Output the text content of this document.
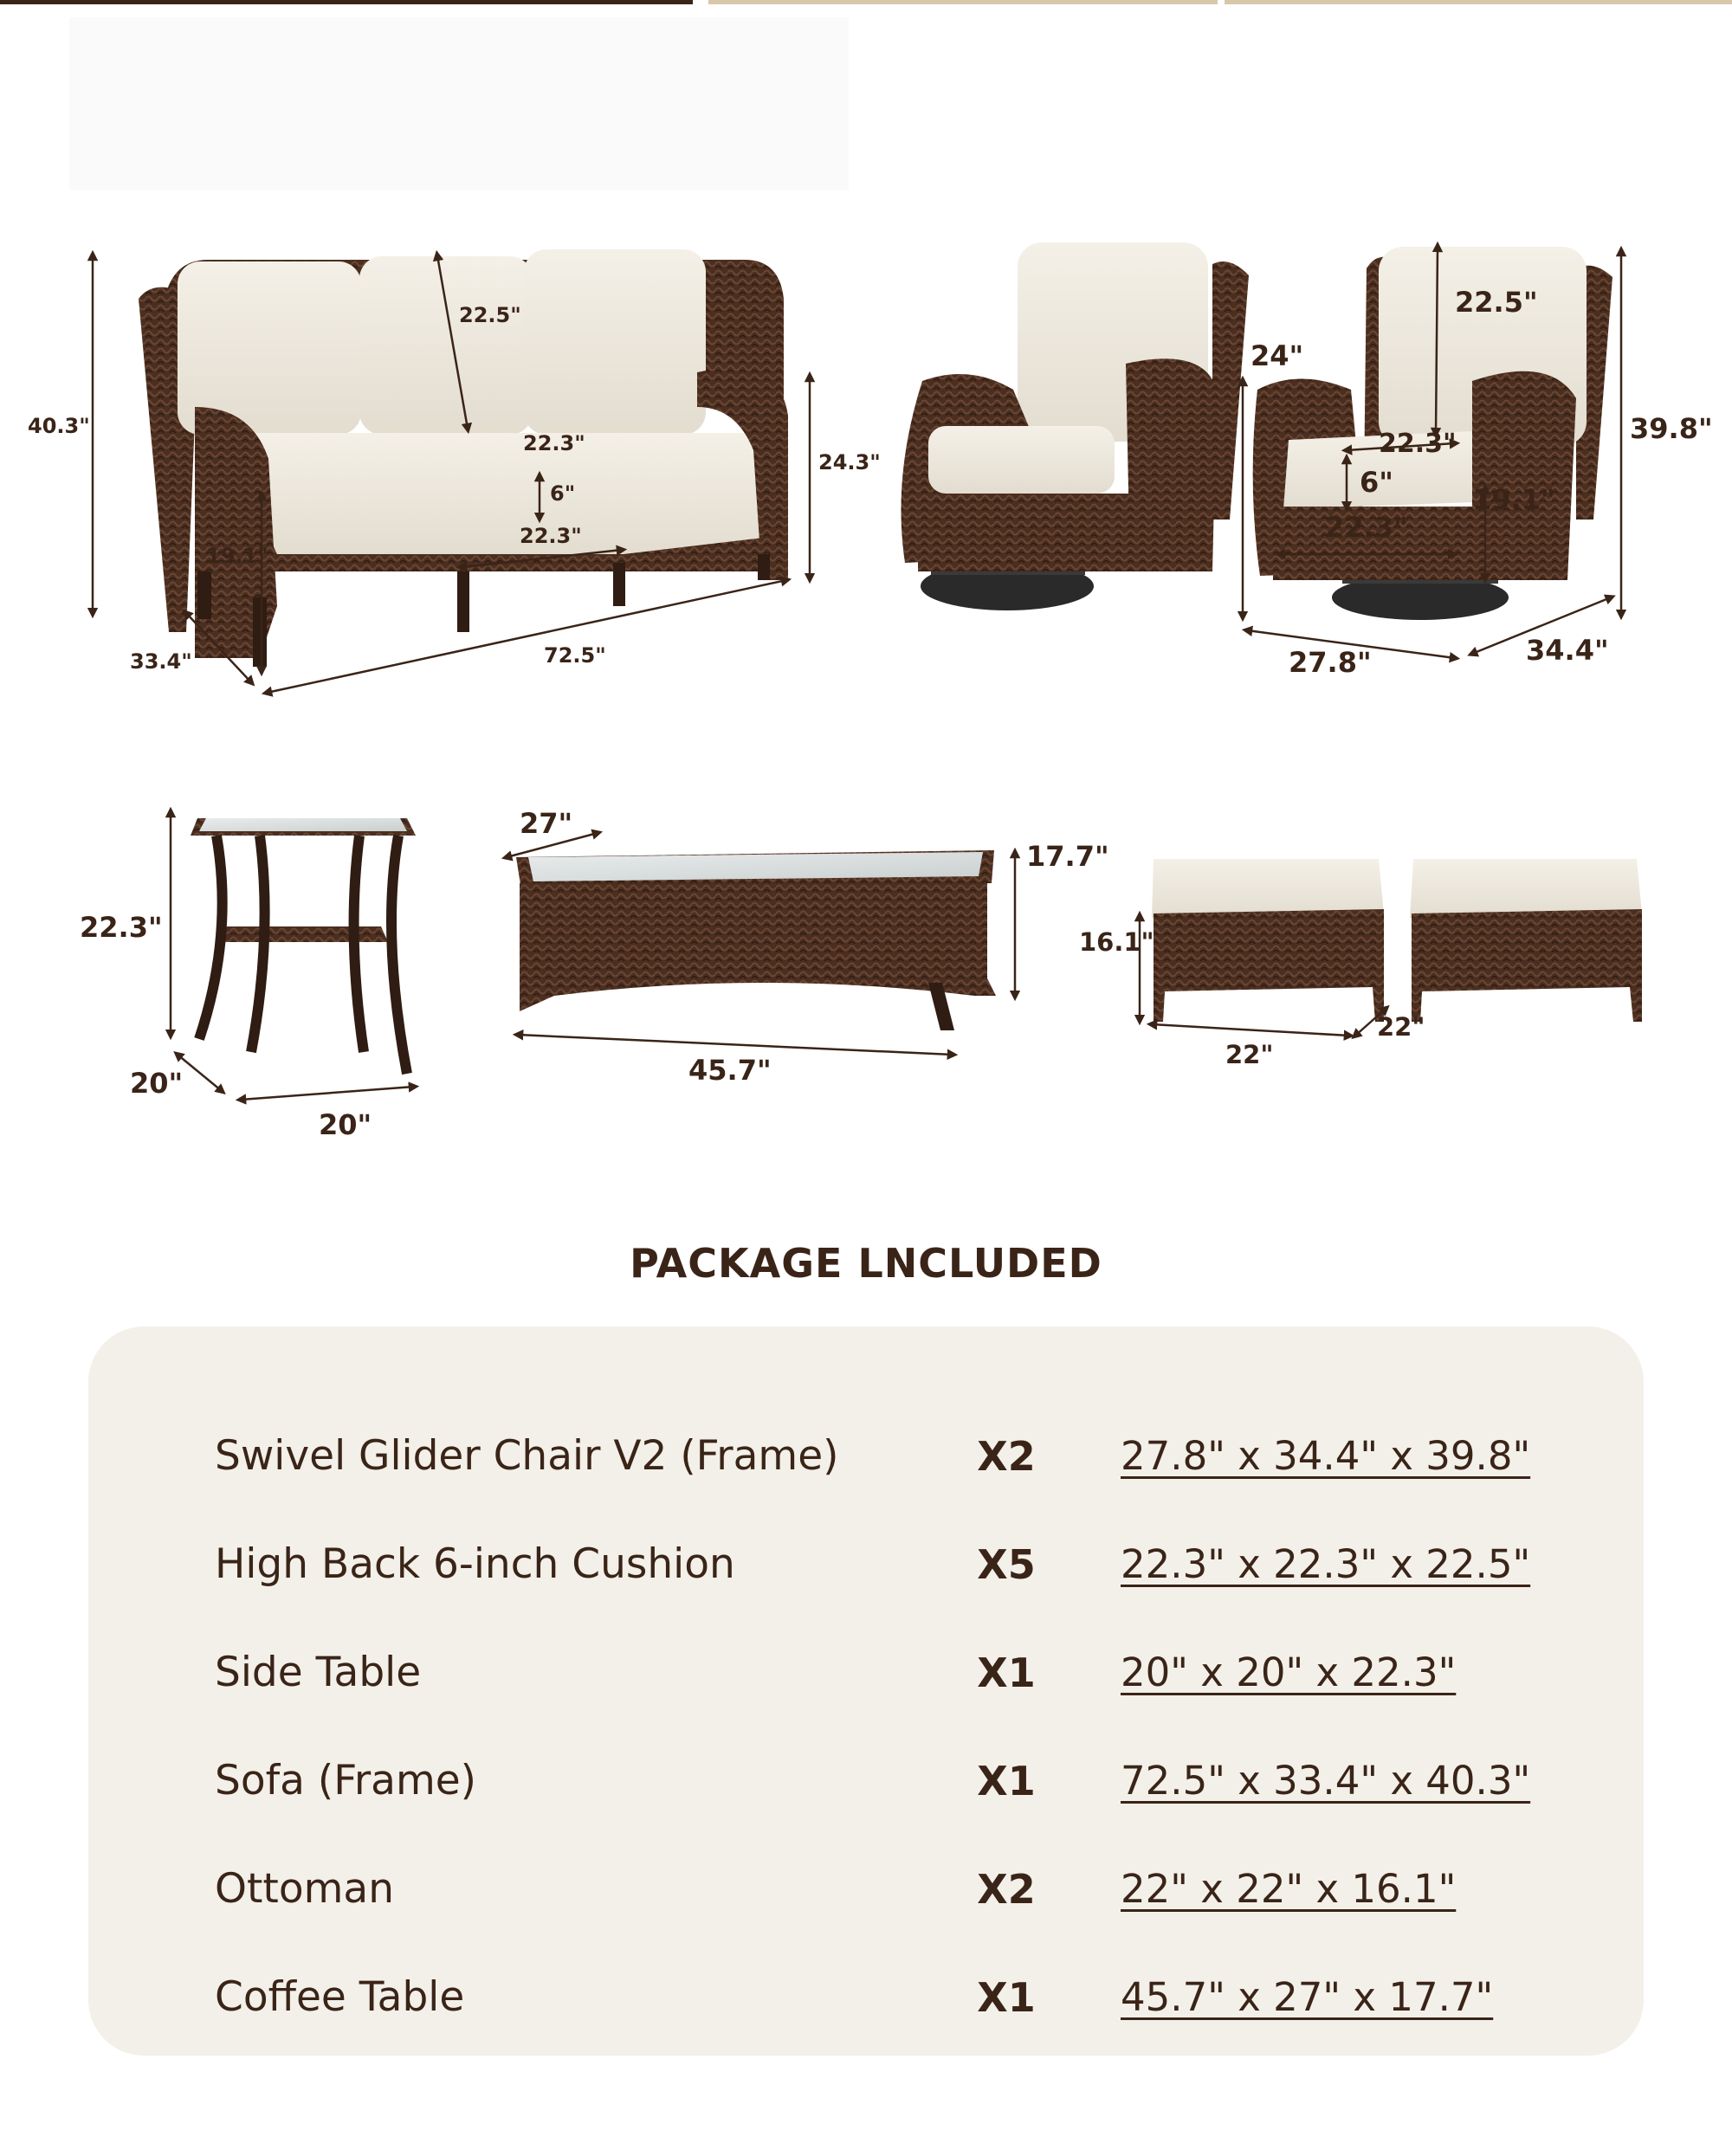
40.3"
22.5"
22.3"
6"
22.3"
24.3"
19.1"
33.4"	72.5"
22.5"
24"
39.8"
22.3"
6"
19.1"
22.3"
27.8"	34.4"
22.3"
20"
20"
27"
17.7"
45.7"
16.1"
22"
22"
PACKAGE LNCLUDED
Swivel Glider Chair V2 (Frame)	X2	27.8" x 34.4" x 39.8"
High Back 6-inch Cushion	X5	22.3" x 22.3" x 22.5"
Side Table	X1	20" x 20" x 22.3"
Sofa (Frame)	X1	72.5" x 33.4" x 40.3"
Ottoman	X2	22" x 22" x 16.1"
Coffee Table	X1	45.7" x 27" x 17.7"
